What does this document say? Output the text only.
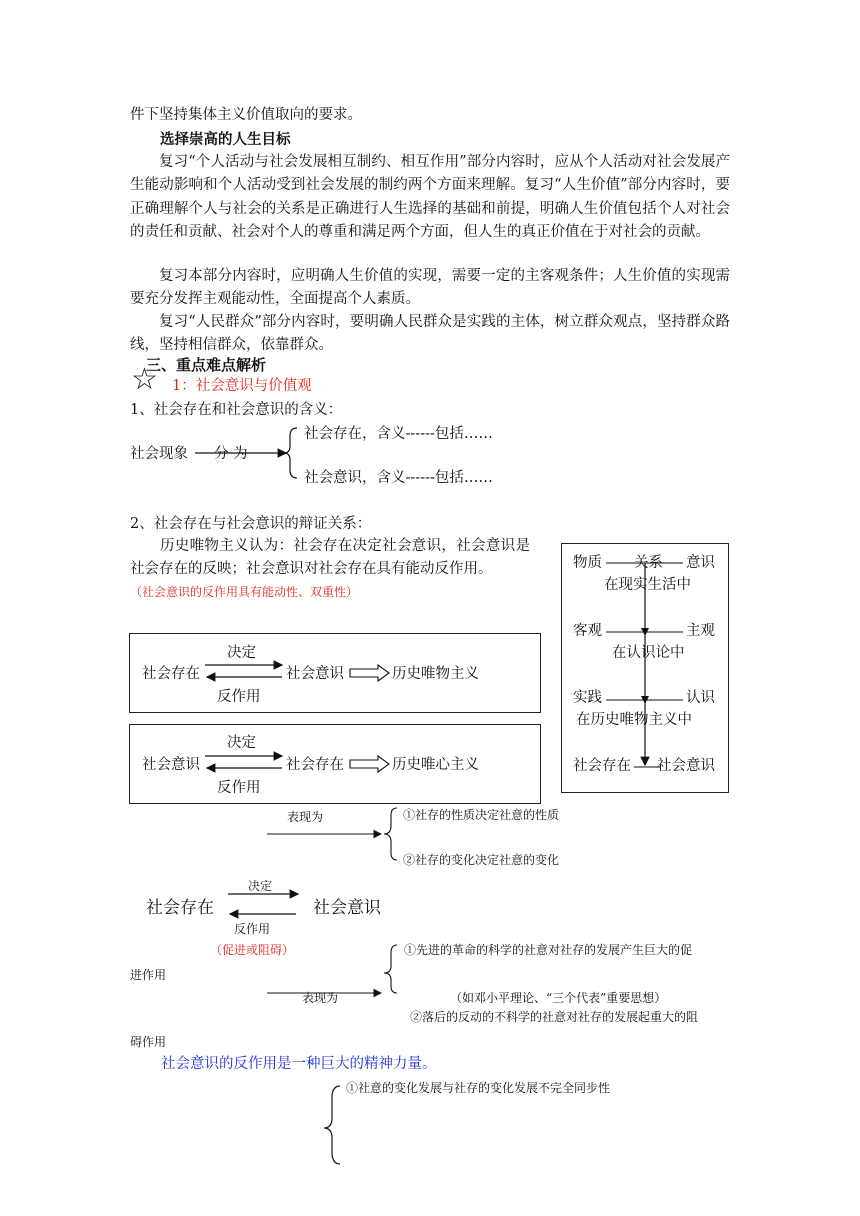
件下坚持集体主义价值取向的要求。
选择崇高的人生目标
复习“个人活动与社会发展相互制约、相互作用”部分内容时，应从个人活动对社会发展产生能动影响和个人活动受到社会发展的制约两个方面来理解。复习“人生价值”部分内容时，要正确理解个人与社会的关系是正确进行人生选择的基础和前提，明确人生价值包括个人对社会的责任和贡献、社会对个人的尊重和满足两个方面，但人生的真正价值在于对社会的贡献。
复习本部分内容时，应明确人生价值的实现，需要一定的主客观条件；人生价值的实现需要充分发挥主观能动性，全面提高个人素质。
复习“人民群众”部分内容时，要明确人民群众是实践的主体，树立群众观点，坚持群众路线，坚持相信群众，依靠群众。
三、重点难点解析
☆ 1：社会意识与价值观
1、社会存在和社会意识的含义：
社会现象 分 为
社会存在，含义------包括……
社会意识，含义------包括……
2、社会存在与社会意识的辩证关系：
历史唯物主义认为：社会存在决定社会意识，社会意识是社会存在的反映；社会意识对社会存在具有能动反作用。
（社会意识的反作用具有能动性、双重性）
社会存在
决定
社会意识
反作用
历史唯物主义
社会意识
决定
社会存在
反作用
历史唯心主义
物质 关系 意识
在现实生活中
客观	主观
在认识论中
实践	认识
在历史唯物主义中
社会存在 社会意识
表现为	①社存的性质决定社意的性质
②社存的变化决定社意的变化
社会存在
决定
社会意识
反作用
（促进或阻碍）	①先进的革命的科学的社意对社存的发展产生巨大的促
进作用
表现为	（如邓小平理论、“三个代表”重要思想）
②落后的反动的不科学的社意对社存的发展起重大的阻
碍作用
社会意识的反作用是一种巨大的精神力量。
①社意的变化发展与社存的变化发展不完全同步性
